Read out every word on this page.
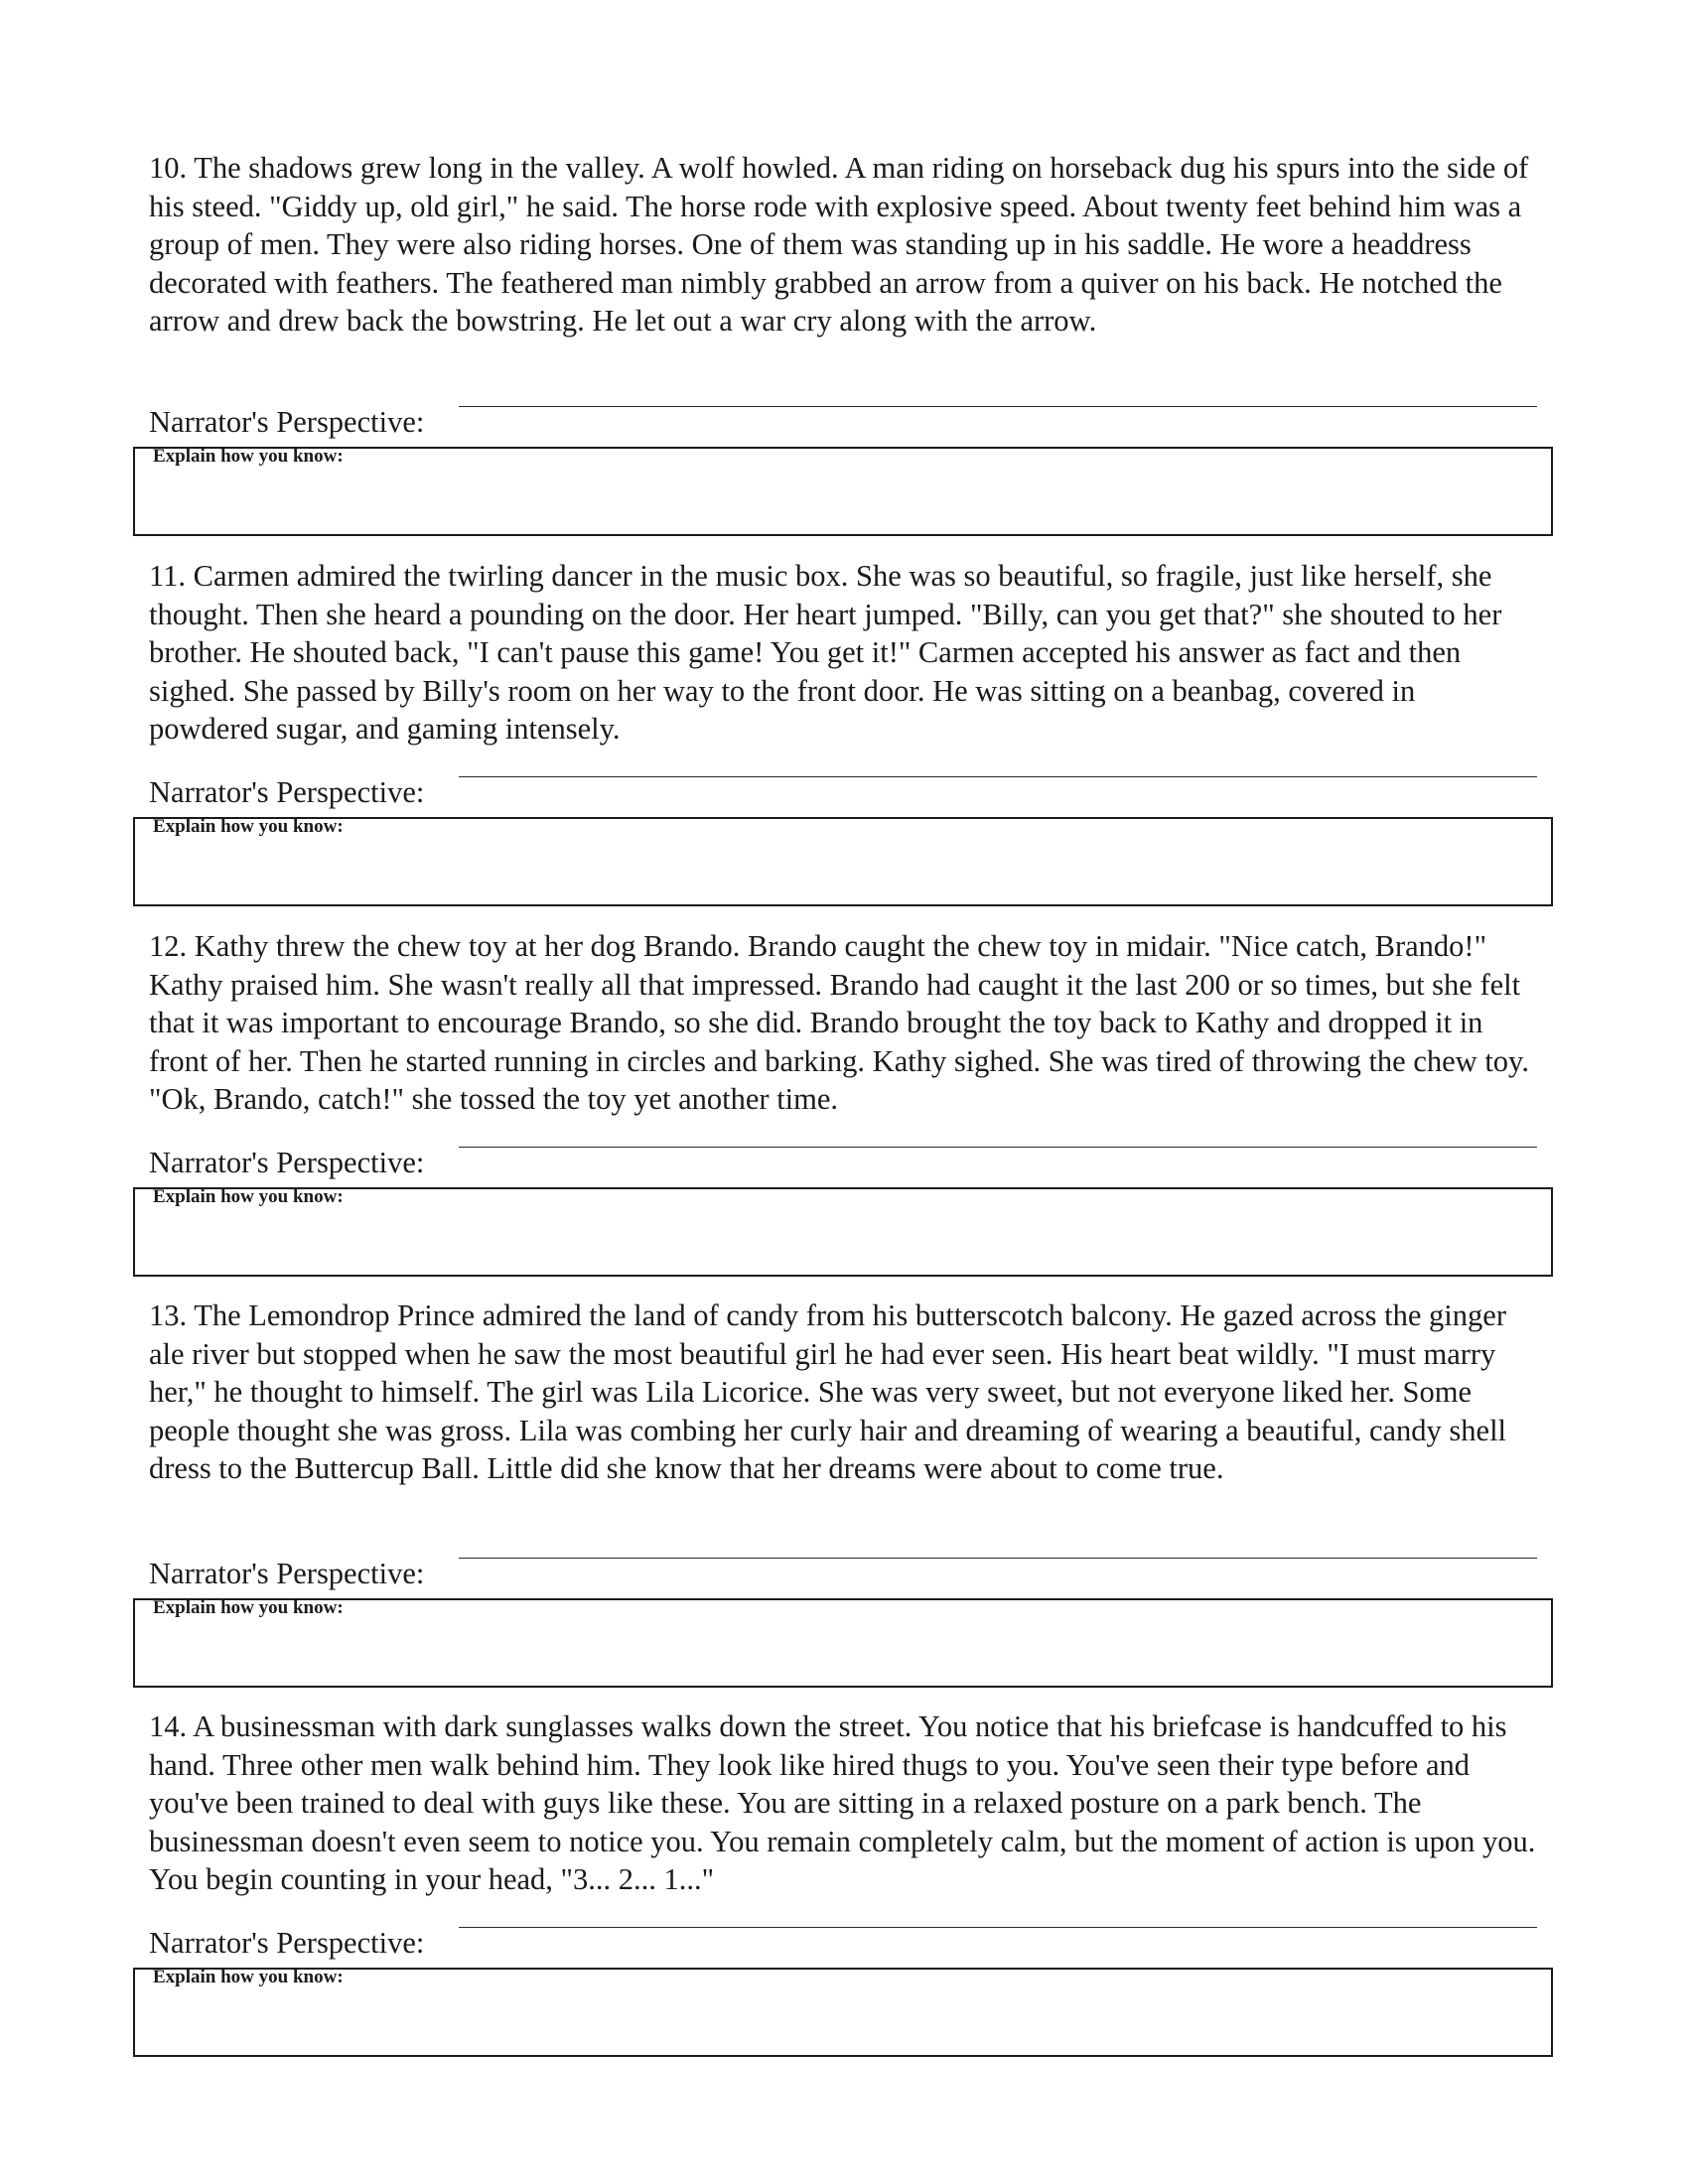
10. The shadows grew long in the valley. A wolf howled. A man riding on horseback dug his spurs into the side of his steed. "Giddy up, old girl," he said. The horse rode with explosive speed. About twenty feet behind him was a group of men. They were also riding horses. One of them was standing up in his saddle. He wore a headdress decorated with feathers. The feathered man nimbly grabbed an arrow from a quiver on his back. He notched the arrow and drew back the bowstring. He let out a war cry along with the arrow.

Narrator's Perspective:
Explain how you know:

11. Carmen admired the twirling dancer in the music box. She was so beautiful, so fragile, just like herself, she thought. Then she heard a pounding on the door. Her heart jumped. "Billy, can you get that?" she shouted to her brother. He shouted back, "I can't pause this game! You get it!" Carmen accepted his answer as fact and then sighed. She passed by Billy's room on her way to the front door. He was sitting on a beanbag, covered in powdered sugar, and gaming intensely.

Narrator's Perspective:
Explain how you know:

12. Kathy threw the chew toy at her dog Brando. Brando caught the chew toy in midair. "Nice catch, Brando!" Kathy praised him. She wasn't really all that impressed. Brando had caught it the last 200 or so times, but she felt that it was important to encourage Brando, so she did. Brando brought the toy back to Kathy and dropped it in front of her. Then he started running in circles and barking. Kathy sighed. She was tired of throwing the chew toy. "Ok, Brando, catch!" she tossed the toy yet another time.

Narrator's Perspective:
Explain how you know:

13. The Lemondrop Prince admired the land of candy from his butterscotch balcony. He gazed across the ginger ale river but stopped when he saw the most beautiful girl he had ever seen. His heart beat wildly. "I must marry her," he thought to himself. The girl was Lila Licorice. She was very sweet, but not everyone liked her. Some people thought she was gross. Lila was combing her curly hair and dreaming of wearing a beautiful, candy shell dress to the Buttercup Ball. Little did she know that her dreams were about to come true.

Narrator's Perspective:
Explain how you know:

14. A businessman with dark sunglasses walks down the street. You notice that his briefcase is handcuffed to his hand. Three other men walk behind him. They look like hired thugs to you. You've seen their type before and you've been trained to deal with guys like these. You are sitting in a relaxed posture on a park bench. The businessman doesn't even seem to notice you. You remain completely calm, but the moment of action is upon you. You begin counting in your head, "3... 2... 1..."

Narrator's Perspective:
Explain how you know:
